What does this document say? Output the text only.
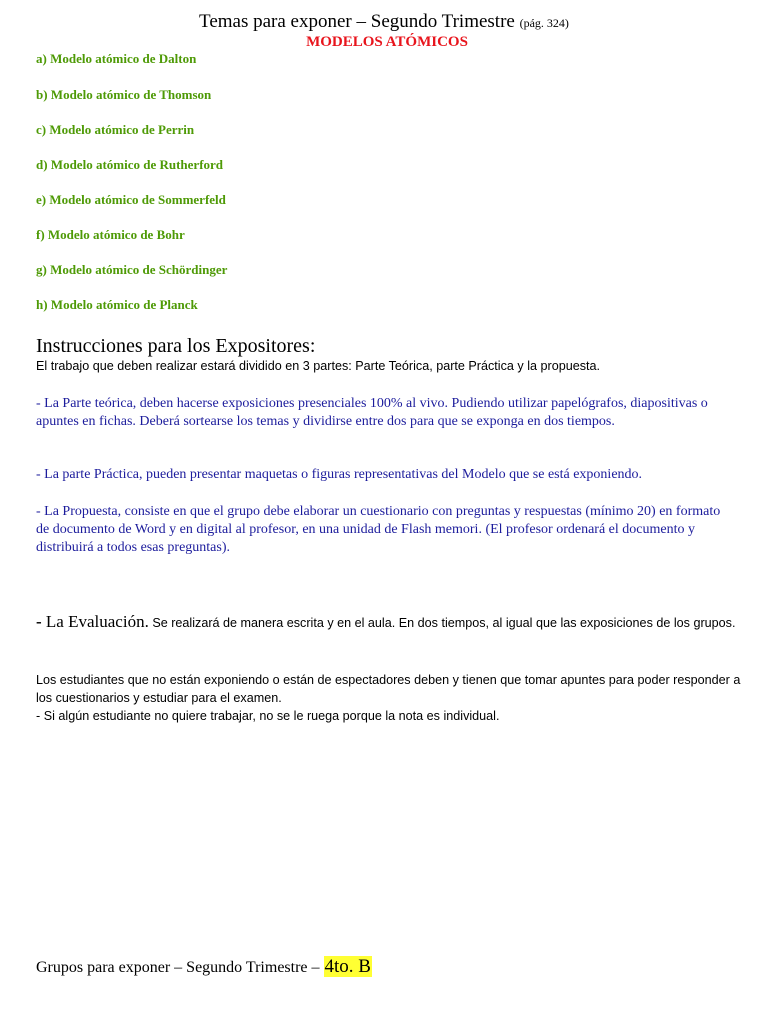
Temas para exponer – Segundo Trimestre (pág. 324)
MODELOS ATÓMICOS
a) Modelo atómico de Dalton
b) Modelo atómico de Thomson
c) Modelo atómico de Perrin
d) Modelo atómico de Rutherford
e) Modelo atómico de Sommerfeld
f) Modelo atómico de Bohr
g) Modelo atómico de Schördinger
h) Modelo atómico de Planck
Instrucciones para los Expositores:
El trabajo que deben realizar estará dividido en 3 partes: Parte Teórica, parte Práctica y la propuesta.
- La Parte teórica, deben hacerse exposiciones presenciales 100% al vivo. Pudiendo utilizar papelógrafos, diapositivas o apuntes en fichas. Deberá sortearse los temas y dividirse entre dos para que se exponga en dos tiempos.
- La parte Práctica, pueden presentar maquetas o figuras representativas del Modelo que se está exponiendo.
- La Propuesta, consiste en que el grupo debe elaborar un cuestionario con preguntas y respuestas (mínimo 20) en formato de documento de Word y en digital al profesor, en una unidad de Flash memori. (El profesor ordenará el documento y distribuirá a todos esas preguntas).
- La Evaluación. Se realizará de manera escrita y en el aula. En dos tiempos, al igual que las exposiciones de los grupos.
Los estudiantes que no están exponiendo o están de espectadores deben y tienen que tomar apuntes para poder responder a los cuestionarios y estudiar para el examen.
- Si algún estudiante no quiere trabajar, no se le ruega porque la nota es individual.
Grupos para exponer – Segundo Trimestre – 4to. B
